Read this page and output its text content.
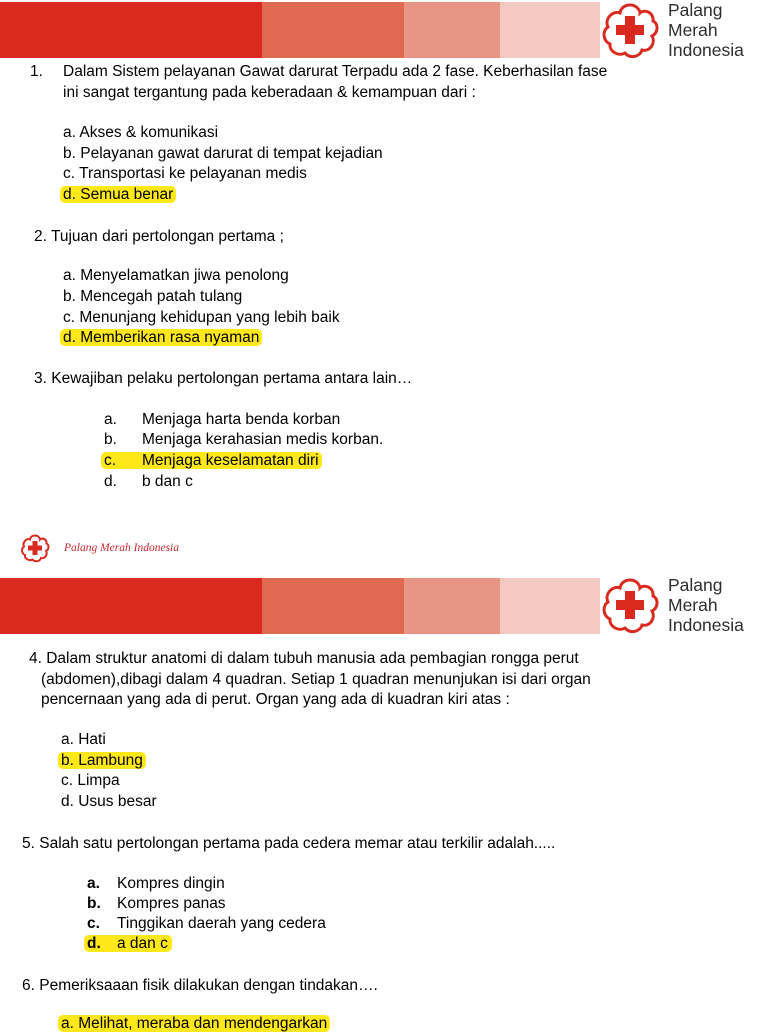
Palang
Merah
Indonesia
1. Dalam Sistem pelayanan Gawat darurat Terpadu ada 2 fase. Keberhasilan fase
ini sangat tergantung pada keberadaan & kemampuan dari :
a. Akses & komunikasi
b. Pelayanan gawat darurat di tempat kejadian
c. Transportasi ke pelayanan medis
d. Semua benar
2. Tujuan dari pertolongan pertama ;
a. Menyelamatkan jiwa penolong
b. Mencegah patah tulang
c. Menunjang kehidupan yang lebih baik
d. Memberikan rasa nyaman
3. Kewajiban pelaku pertolongan pertama antara lain…
a. Menjaga harta benda korban
b. Menjaga kerahasian medis korban.
c. Menjaga keselamatan diri
d. b dan c
Palang Merah Indonesia
Palang
Merah
Indonesia
4. Dalam struktur anatomi di dalam tubuh manusia ada pembagian rongga perut
(abdomen),dibagi dalam 4 quadran. Setiap 1 quadran menunjukan isi dari organ
pencernaan yang ada di perut. Organ yang ada di kuadran kiri atas :
a. Hati
b. Lambung
c. Limpa
d. Usus besar
5. Salah satu pertolongan pertama pada cedera memar atau terkilir adalah.....
a. Kompres dingin
b. Kompres panas
c. Tinggikan daerah yang cedera
d. a dan c
6. Pemeriksaaan fisik dilakukan dengan tindakan….
a. Melihat, meraba dan mendengarkan
